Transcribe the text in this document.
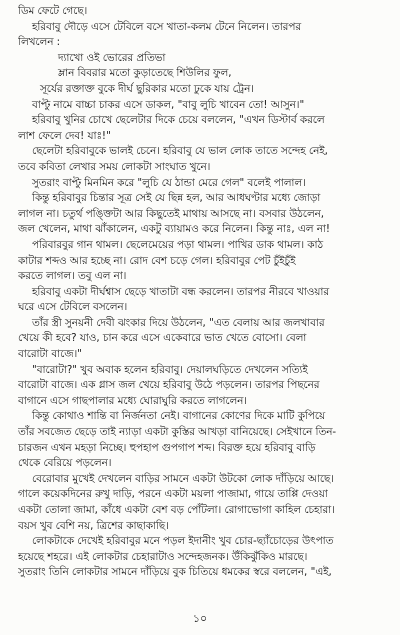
ডিম ফেটে গেছে।
হরিবাবু দৌড়ে এসে টেবিলে বসে খাতা-কলম টেনে নিলেন। তারপর
লিখলেন :
দ্যাখো ওই ভোরের প্রতিভা
ম্লান বিবরার মতো কুড়াতেছে শিউলির ফুল,
সূর্যের রক্তাক্ত বুকে দীর্ঘ ছুরিকার মতো ঢুকে যায় ট্রেন।
বাপ্টু নামে বাচ্চা চাকর এসে ডাকল, "বাবু লুচি খাবেন তো! আসুন।"
হরিবাবু খুনির চোখে ছেলেটার দিকে চেয়ে বললেন, "এখন ডিস্টার্ব করলে
লাশ ফেলে দেব! যাঃ!"
ছেলেটা হরিবাবুকে ভালই চেনে। হরিবাবু যে ভাল লোক তাতে সন্দেহ নেই,
তবে কবিতা লেখার সময় লোকটা সাংঘাত খুনে।
সুতরাং বাপ্টু মিনমিন করে "লুচি যে ঠান্ডা মেরে গেল" বলেই পালাল।
কিন্তু হরিবাবুর চিন্তার সূত্র সেই যে ছিন্ন হল, আর আধঘণ্টার মধ্যে জোড়া
লাগল না। চতুর্থ পঙ্ক্তিটা আর কিছুতেই মাথায় আসছে না। বসবার উঠলেন,
জল খেলেন, মাথা ঝাঁকালেন, একটু ব্যায়ামও করে নিলেন। কিন্তু নাঃ, এল না!
পরিবারবুর গান থামল। ছেলেমেয়ের পড়া থামল। পাখির ডাক থামল। কাঠ
কাটার শব্দও আর হচ্ছে না। রোদ বেশ চড়ে গেল। হরিবাবুর পেট চুঁইচুঁই
করতে লাগল। তবু এল না।
হরিবাবু একটা দীর্ঘশ্বাস ছেড়ে খাতাটা বন্ধ করলেন। তারপর নীরবে খাওয়ার
ঘরে এসে টেবিলে বসলেন।
তাঁর স্ত্রী সুনয়নী দেবী ঝংকার দিয়ে উঠলেন, "এত বেলায় আর জলখাবার
খেয়ে কী হবে? যাও, চান করে এসে একেবারে ভাত খেতে বোসো। বেলা
বারোটা বাজে।"
"বারোটা?" খুব অবাক হলেন হরিবাবু। দেয়ালঘড়িতে দেখলেন সত্যিই
বারোটা বাজে। এক গ্লাস জল খেয়ে হরিবাবু উঠে পড়লেন। তারপর পিছনের
বাগানে এসে গাছপালার মধ্যে ঘোরাঘুরি করতে লাগলেন।
কিন্তু কোথাও শান্তি বা নির্জনতা নেই। বাগানের কোণের দিকে মাটি কুপিয়ে
তাঁর সবজেত ছেড়ে তাই ন্যাড়া একটা কুস্তির আখড়া বানিয়েছে। সেইখানে তিন-
চারজন এখন মহড়া নিচ্ছে। হুপহাপ গুপগাপ শব্দ। বিরক্ত হয়ে হরিবাবু বাড়ি
থেকে বেরিয়ে পড়লেন।
বেরোবার মুখেই দেখলেন বাড়ির সামনে একটা উটকো লোক দাঁড়িয়ে আছে।
গালে কয়েকদিনের রুখু দাড়ি, পরনে একটা ময়লা পাজামা, গায়ে তাপ্পি দেওয়া
একটা তোলা জামা, কাঁধে একটা বেশ বড় পোঁটলা। রোগাভোগা কাহিল চেহারা।
বয়স খুব বেশি নয়, ত্রিশের কাছাকাছি।
লোকটাকে দেখেই হরিবাবুর মনে পড়ল ইদানীং খুব চোর-ছ্যাঁচোড়ের উৎপাত
হয়েছে শহরে। এই লোকটার চেহারাটাও সন্দেহজনক। উঁকিঝুঁকিও মারছে।
সুতরাং তিনি লোকটার সামনে দাঁড়িয়ে বুক চিতিয়ে ধমকের স্বরে বললেন, "এই,
১০
